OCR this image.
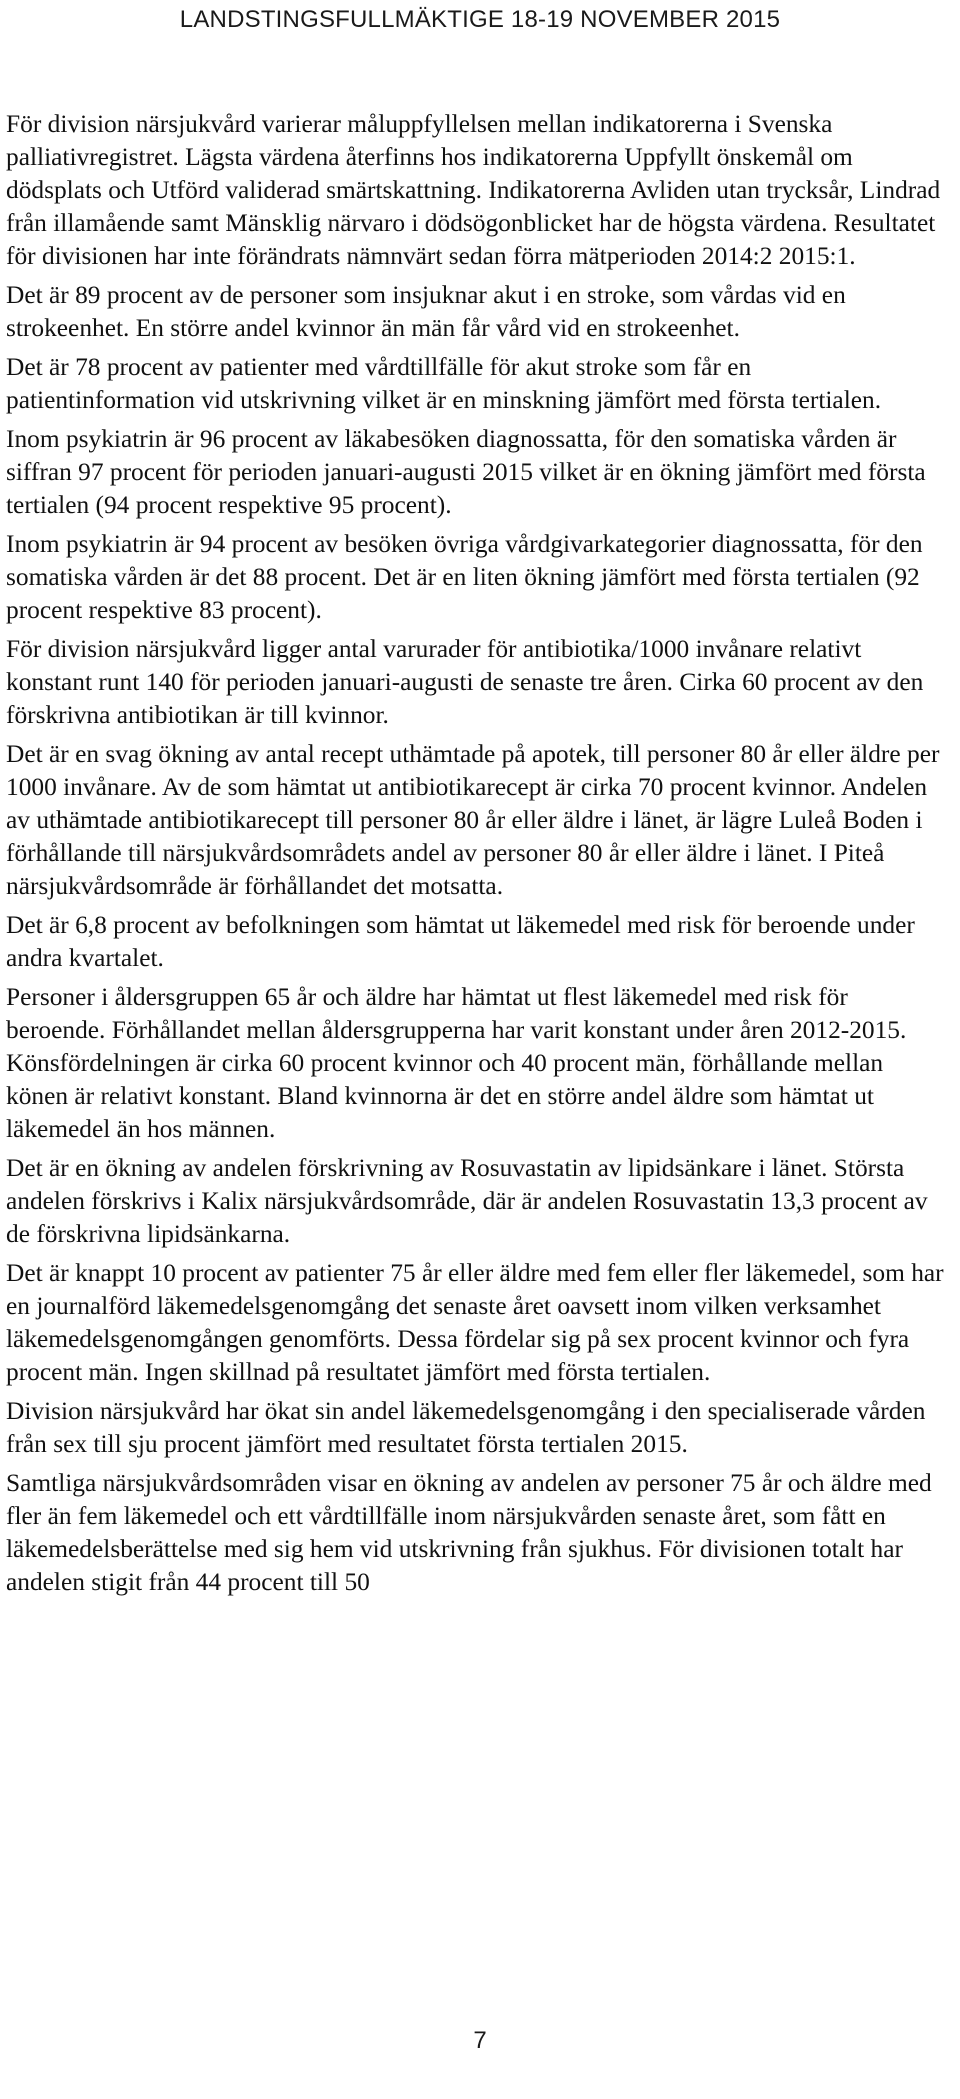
LANDSTINGSFULLMÄKTIGE 18-19 NOVEMBER 2015

För division närsjukvård varierar måluppfyllelsen mellan indikatorerna i Svenska palliativregistret. Lägsta värdena återfinns hos indikatorerna Uppfyllt önskemål om dödsplats och Utförd validerad smärtskattning. Indikatorerna Avliden utan trycksår, Lindrad från illamående samt Mänsklig närvaro i dödsögonblicket har de högsta värdena. Resultatet för divisionen har inte förändrats nämnvärt sedan förra mätperioden 2014:2 2015:1.

Det är 89 procent av de personer som insjuknar akut i en stroke, som vårdas vid en strokeenhet. En större andel kvinnor än män får vård vid en strokeenhet.

Det är 78 procent av patienter med vårdtillfälle för akut stroke som får en patientinformation vid utskrivning vilket är en minskning jämfört med första tertialen.

Inom psykiatrin är 96 procent av läkabesöken diagnossatta, för den somatiska vården är siffran 97 procent för perioden januari-augusti 2015 vilket är en ökning jämfört med första tertialen (94 procent respektive 95 procent).

Inom psykiatrin är 94 procent av besöken övriga vårdgivarkategorier diagnossatta, för den somatiska vården är det 88 procent. Det är en liten ökning jämfört med första tertialen (92 procent respektive 83 procent).

För division närsjukvård ligger antal varurader för antibiotika/1000 invånare relativt konstant runt 140 för perioden januari-augusti de senaste tre åren. Cirka 60 procent av den förskrivna antibiotikan är till kvinnor.

Det är en svag ökning av antal recept uthämtade på apotek, till personer 80 år eller äldre per 1000 invånare. Av de som hämtat ut antibiotikarecept är cirka 70 procent kvinnor. Andelen av uthämtade antibiotikarecept till personer 80 år eller äldre i länet, är lägre Luleå Boden i förhållande till närsjukvårdsområdets andel av personer 80 år eller äldre i länet. I Piteå närsjukvårdsområde är förhållandet det motsatta.

Det är 6,8 procent av befolkningen som hämtat ut läkemedel med risk för beroende under andra kvartalet.

Personer i åldersgruppen 65 år och äldre har hämtat ut flest läkemedel med risk för beroende. Förhållandet mellan åldersgrupperna har varit konstant under åren 2012-2015. Könsfördelningen är cirka 60 procent kvinnor och 40 procent män, förhållande mellan könen är relativt konstant. Bland kvinnorna är det en större andel äldre som hämtat ut läkemedel än hos männen.

Det är en ökning av andelen förskrivning av Rosuvastatin av lipidsänkare i länet. Största andelen förskrivs i Kalix närsjukvårdsområde, där är andelen Rosuvastatin 13,3 procent av de förskrivna lipidsänkarna.

Det är knappt 10 procent av patienter 75 år eller äldre med fem eller fler läkemedel, som har en journalförd läkemedelsgenomgång det senaste året oavsett inom vilken verksamhet läkemedelsgenomgången genomförts. Dessa fördelar sig på sex procent kvinnor och fyra procent män. Ingen skillnad på resultatet jämfört med första tertialen.

Division närsjukvård har ökat sin andel läkemedelsgenomgång i den specialiserade vården från sex till sju procent jämfört med resultatet första tertialen 2015.

Samtliga närsjukvårdsområden visar en ökning av andelen av personer 75 år och äldre med fler än fem läkemedel och ett vårdtillfälle inom närsjukvården senaste året, som fått en läkemedelsberättelse med sig hem vid utskrivning från sjukhus. För divisionen totalt har andelen stigit från 44 procent till 50

7
